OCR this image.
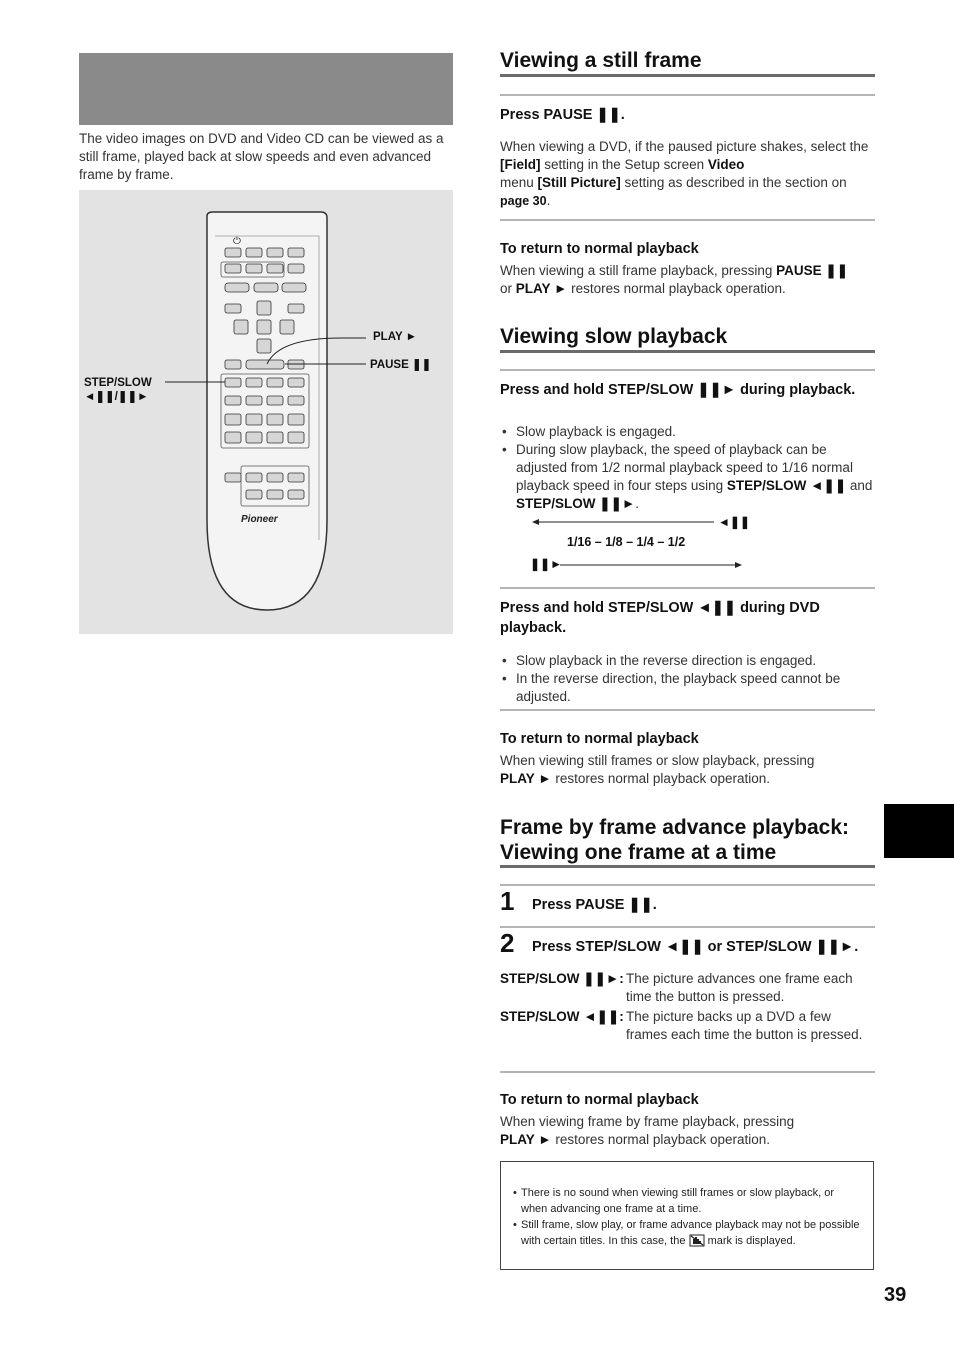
The video images on DVD and Video CD can be viewed as a still frame, played back at slow speeds and even advanced frame by frame.
⏻
Pioneer
PLAY ►
PAUSE ❚❚
STEP/SLOW
◄❚❚/❚❚►
Viewing a still frame
Press PAUSE ❚❚.
When viewing a DVD, if the paused picture shakes, select the [Field] setting in the Setup screen Video
menu [Still Picture] setting as described in the section on page 30.
To return to normal playback
When viewing a still frame playback, pressing PAUSE ❚❚
or PLAY ► restores normal playback operation.
Viewing slow playback
Press and hold STEP/SLOW ❚❚► during playback.
• Slow playback is engaged.
• During slow playback, the speed of playback can be adjusted from 1/2 normal playback speed to 1/16 normal playback speed in four steps using STEP/SLOW ◄❚❚ and STEP/SLOW ❚❚►.
◄❚❚
1/16 – 1/8 – 1/4 – 1/2
❚❚►
Press and hold STEP/SLOW ◄❚❚ during DVD playback.
• Slow playback in the reverse direction is engaged.
• In the reverse direction, the playback speed cannot be adjusted.
To return to normal playback
When viewing still frames or slow playback, pressing
PLAY ► restores normal playback operation.
Frame by frame advance playback:
Viewing one frame at a time
1 Press PAUSE ❚❚.
2 Press STEP/SLOW ◄❚❚ or STEP/SLOW ❚❚►.
STEP/SLOW ❚❚►: The picture advances one frame each time the button is pressed.
STEP/SLOW ◄❚❚: The picture backs up a DVD a few frames each time the button is pressed.
To return to normal playback
When viewing frame by frame playback, pressing
PLAY ► restores normal playback operation.
• There is no sound when viewing still frames or slow playback, or when advancing one frame at a time.
• Still frame, slow play, or frame advance playback may not be possible with certain titles. In this case, the  mark is displayed.
39
